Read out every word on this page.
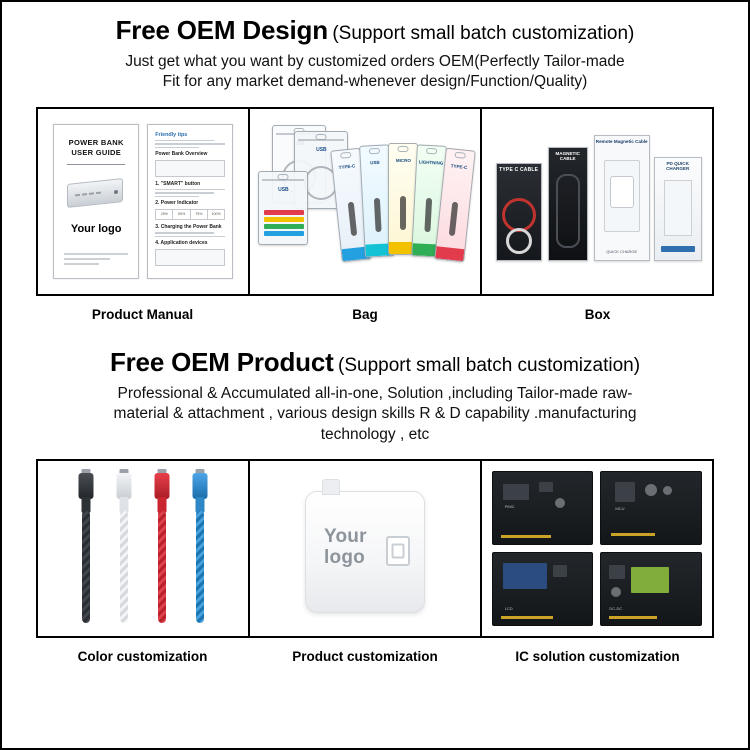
Free OEM Design (Support small batch customization)
Just get what you want by customized orders OEM(Perfectly Tailor-made
Fit for any market demand-whenever design/Function/Quality)
POWER BANK
USER GUIDE
Your logo
Friendly tips
Power Bank Overview
1. "SMART" button
2. Power Indicator
25%	50%	75%	100%
3. Charging the Power Bank
4. Application devices
USB
USB
TYPE-C
USB	MICRO	LIGHTNING
TYPE-C	TYPE C CABLE
MAGNETIC CABLE
Remote Magnetic Cable
QUICK CHARGE
PD QUICK CHARGER
Product Manual	Bag	Box
Free OEM Product (Support small batch customization)
Professional & Accumulated all-in-one, Solution ,including Tailor-made raw-
material & attachment , various design skills R & D capability .manufacturing
technology , etc
Your
logo
PMIC	MCU
LCD	DC-DC
Color customization	Product customization	IC solution customization
